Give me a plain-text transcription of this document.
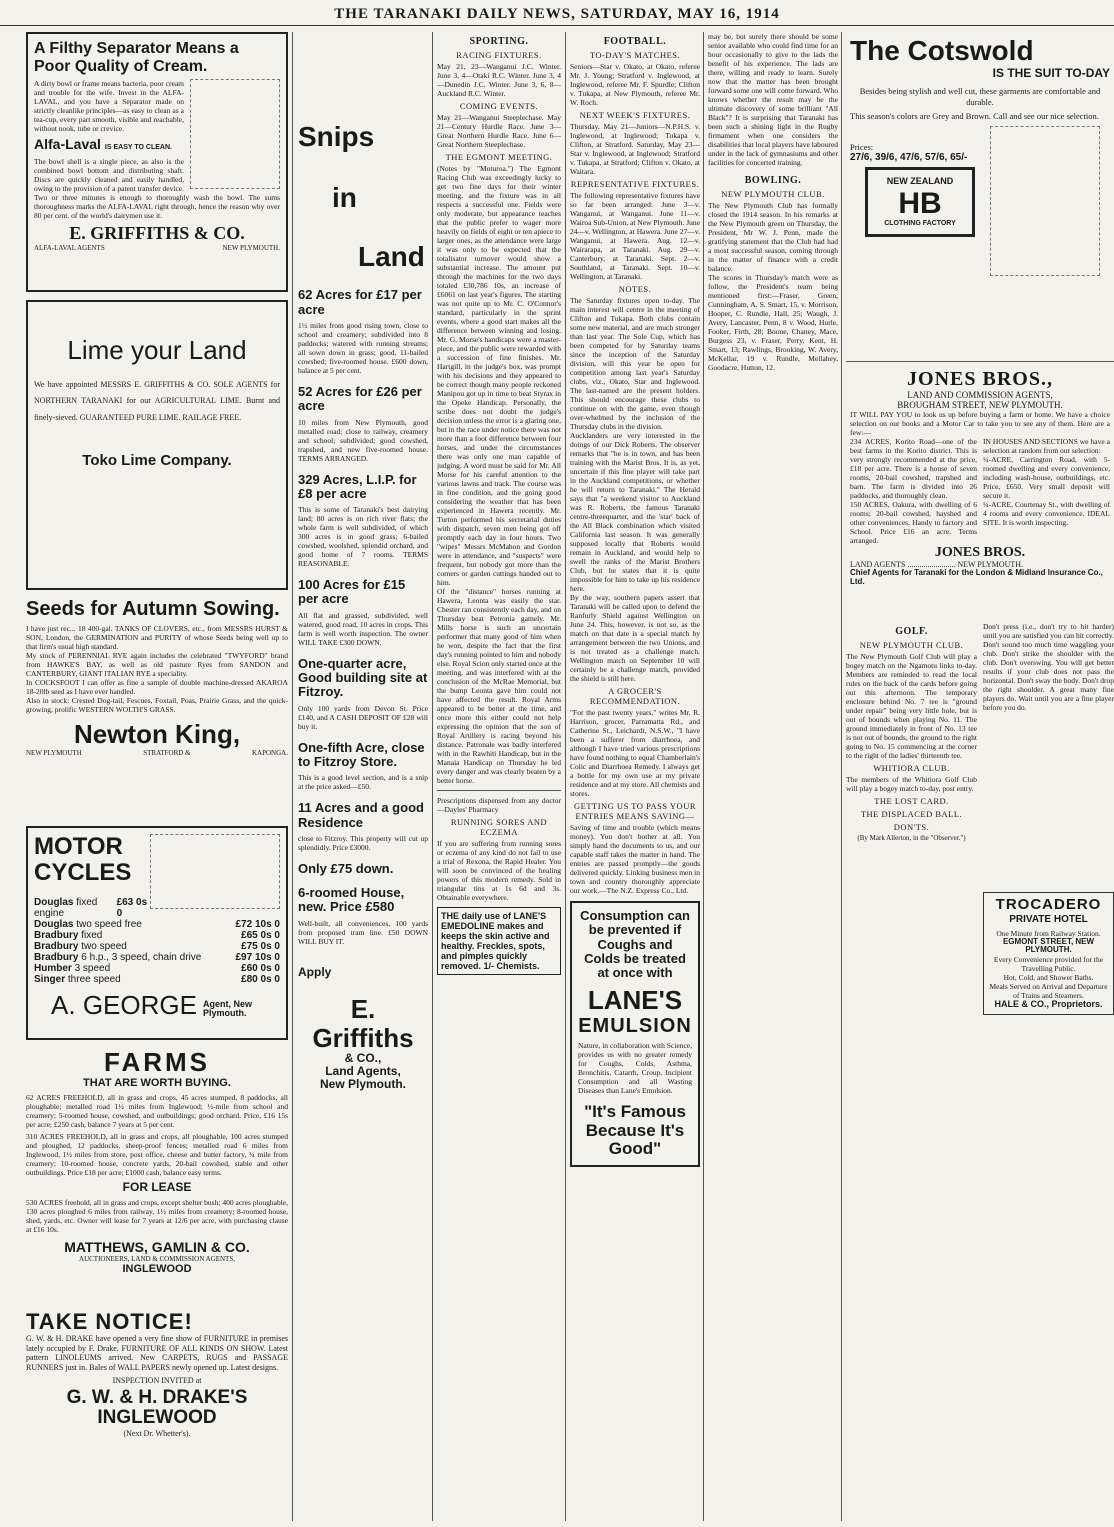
THE TARANAKI DAILY NEWS, SATURDAY, MAY 16, 1914
A Filthy Separator Means a
Poor Quality of Cream.
A dirty bowl or frame means bacteria, poor cream and trouble for the wife. Invest in the ALFA-LAVAL, and you have a Separator made on strictly cleanlike principles—as easy to clean as a tea-cup, every part smooth, visible and reachable, without nook, tube or crevice.
Alfa-Laval IS EASY TO CLEAN.
The bowl shell is a single piece, as also is the combined bowl bottom and distributing shaft. Discs are quickly cleaned and easily handled, owing to the provision of a patent transfer device. Two or three minutes is enough to thoroughly wash the bowl. The sums thoroughness marks the ALFA-LAVAL right through, hence the reason why over 80 per cent. of the world's dairymen use it.
E. GRIFFITHS & CO.
ALFA-LAVAL AGENTS	NEW PLYMOUTH.
Lime your Land
We have appointed MESSRS E. GRIFFITHS & CO. SOLE AGENTS for NORTHERN TARANAKI for our AGRICULTURAL LIME. Burnt and finely-sieved. GUARANTEED PURE LIME. RAILAGE FREE.
Toko Lime Company.
Seeds for Autumn Sowing.
I have just rec... 18 400-gal. TANKS OF CLOVERS, etc., from MESSRS HURST & SON, London, the GERMINATION and PURITY of whose Seeds being well up to that firm's usual high standard.
My stock of PERENNIAL RYE again includes the celebrated "TWYFORD" brand from HAWKE'S BAY, as well as old pasture Ryes from SANDON and CANTERBURY, GIANT ITALIAN RYE a speciality.
In COCKSFOOT I can offer as fine a sample of double machine-dressed AKAROA 18-20lb seed as I have ever handled.
Also in stock: Crested Dog-tail, Fescues, Foxtail, Poas, Prairie Grass, and the quick-growing, prolific WESTERN WOLTH'S GRASS.
Newton King,
NEW PLYMOUTH	STRATFORD &	KAPONGA.
MOTOR
CYCLES
Douglas fixed engine
£63 0s 0
Douglas two speed free	£72 10s 0
Bradbury fixed	£65 0s 0
Bradbury two speed	£75 0s 0
Bradbury 6 h.p., 3 speed, chain drive	£97 10s 0
Humber 3 speed	£60 0s 0
Singer three speed	£80 0s 0
A. GEORGE Agent, New Plymouth.
FARMS
THAT ARE WORTH BUYING.
62 ACRES FREEHOLD, all in grass and crops, 45 acres stumped, 8 paddocks, all ploughable; metalled road 1½ miles from Inglewood; ½-mile from school and creamery; 5-roomed house, cowshed, and outbuildings; good orchard. Price, £16 15s per acre; £250 cash, balance 7 years at 5 per cent.
310 ACRES FREEHOLD, all in grass and crops, all ploughable, 100 acres stumped and ploughed, 12 paddocks, sheep-proof fences; metalled road 6 miles from Inglewood, 1½ miles from store, post office, cheese and butter factory, ¾ mile from creamery; 10-roomed house, concrete yards, 20-bail cowshed, stable and other outbuildings. Price £18 per acre; £1000 cash, balance easy terms.
FOR LEASE
530 ACRES freehold, all in grass and crops, except shelter bush; 400 acres ploughable, 130 acres ploughed 6 miles from railway, 1½ miles from creamery; 8-roomed house, shed, yards, etc. Owner will lease for 7 years at 12/6 per acre, with purchasing clause at £16 10s.
MATTHEWS, GAMLIN & CO.
AUCTIONEERS, LAND & COMMISSION AGENTS,
INGLEWOOD
TAKE NOTICE!
G. W. & H. DRAKE have opened a very fine show of FURNITURE in premises lately occupied by F. Drake. FURNITURE OF ALL KINDS ON SHOW. Latest pattern LINOLEUMS arrived. New CARPETS, RUGS and PASSAGE RUNNERS just in. Bales of WALL PAPERS newly opened up. Latest designs.
INSPECTION INVITED at
G. W. & H. DRAKE'S
INGLEWOOD
(Next Dr. Whetter's).
Snips
in
Land
62 Acres for £17 per acre
1½ miles from good rising town, close to school and creamery; subdivided into 8 paddocks; watered with running streams; all sown down in grass; good, 11-bailed cowshed; five-roomed house. £600 down, balance at 5 per cent.
52 Acres for £26 per acre
10 miles from New Plymouth, good metalled road; close to railway, creamery and school; subdivided; good cowshed, trapshed, and new five-roomed house. TERMS ARRANGED.
329 Acres, L.I.P. for £8 per acre
This is some of Taranaki's best dairying land; 80 acres is on rich river flats; the whole farm is well subdivided, of which 300 acres is in good grass; 6-bailed cowshed, woolshed, splendid orchard, and good home of 7 rooms. TERMS REASONABLE.
100 Acres for £15 per acre
All flat and grassed, subdivided, well watered, good road, 10 acres in crops. This farm is well worth inspection. The owner WILL TAKE £300 DOWN.
One-quarter acre, Good building site at Fitzroy.
Only 100 yards from Devon St. Price £140, and A CASH DEPOSIT OF £28 will buy it.
One-fifth Acre, close to Fitzroy Store.
This is a good level section, and is a snip at the price asked—£50.
11 Acres and a good Residence
close to Fitzroy. This property will cut up splendidly. Price £3000.
Only £75 down.
6-roomed House, new. Price £580
Well-built, all conveniences, 100 yards from proposed tram line. £50 DOWN WILL BUY IT.
Apply
E. Griffiths
& CO.,
Land Agents,
New Plymouth.
SPORTING.
RACING FIXTURES.
May 21, 23—Wanganui J.C. Winter. June 3, 4—Otaki R.C. Winter. June 3, 4—Dunedin J.C. Winter. June 3, 6, 8—Auckland R.C. Winter.
COMING EVENTS.
May 21—Wanganui Steeplechase. May 21—Century Hurdle Race. June 3—Great Northern Hurdle Race. June 6—Great Northern Steeplechase.
THE EGMONT MEETING.
(Notes by "Moturoa.") The Egmont Racing Club was exceedingly lucky to get two fine days for their winter meeting, and the fixture was in all respects a successful one. Fields were only moderate, but appearance teaches that the public prefer to wager more heavily on fields of eight or ten apiece to larger ones, as the attendance were large it was only to be expected that the totalisator turnover would show a substantial increase. The amount put through the machines for the two days totaled £30,786 10s, an increase of £6061 on last year's figures. The starting was not quite up to Mr. C. O'Connor's standard, particularly in the sprint events, where a good start makes all the difference between winning and losing. Mr. G. Morse's handicaps were a master-piece, and the public were rewarded with a succession of fine finishes. Mr. Hartgill, in the judge's box, was prompt with his decisions and they appeared to be correct though many people reckoned Manipou got up in time to beat Styrax in the Opeke Handicap. Personally, the scribe does not doubt the judge's decision unless the error is a glaring one, but in the race under notice there was not more than a foot difference between four horses, and under the circumstances there was only one man capable of judging. A word must be said for Mr. All Morse for his careful attention to the various lawns and track. The course was in fine condition, and the going good considering the weather that has been experienced in Hawera recently. Mr. Turton performed his secretarial duties with dispatch, seven men being got off promptly each day in four hours. Two "wipes" Messrs McMahon and Gordon were in attendance, and "suspects" were frequent, but nobody got more than the corners or garden cuttings handed out to him.
Of the "distance" horses running at Hawera, Leonta was easily the star. Chester ran consistently each day, and on Thursday beat Petronia gamely. Mr. Mills horse is such an uncertain performer that many good of him when he won, despite the fact that the first day's running pointed to him and nobody else. Royal Scion only started once at the meeting, and was interfered with at the conclusion of the McRae Memorial, but the bump Leonta gave him could not have affected the result. Royal Arms appeared to be better at the time, and once more this either could not help expressing the opinion that the son of Royal Artillery is racing beyond his distance. Patronale was badly interfered with in the Rawhiti Handicap, but in the Manaia Handicap on Thursday he led every danger and was clearly beaten by a better horse.
Prescriptions dispensed from any doctor—Dayles' Pharmacy
RUNNING SORES AND ECZEMA
If you are suffering from running sores or eczema of any kind do not fail to use a trial of Rexona, the Rapid Healer. You will soon be convinced of the healing powers of this modern remedy. Sold in triangular tins at 1s 6d and 3s. Obtainable everywhere.
THE daily use of LANE'S EMEDOLINE makes and keeps the skin active and healthy. Freckles, spots, and pimples quickly removed. 1/- Chemists.
FOOTBALL.
TO-DAY'S MATCHES.
Seniors—Star v. Okato, at Okato, referee Mr. J. Young; Stratford v. Inglewood, at Inglewood, referee Mr. F. Spurdle; Clifton v. Tukapa, at New Plymouth, referee Mr. W. Roch.
NEXT WEEK'S FIXTURES.
Thursday, May 21—Juniors—N.P.H.S. v. Inglewood, at Inglewood; Tukapa v. Clifton, at Stratford. Saturday, May 23—Star v. Inglewood, at Inglewood; Stratford v. Tukapa, at Stratford; Clifton v. Okato, at Waitara.
REPRESENTATIVE FIXTURES.
The following representative fixtures have so far been arranged: June 3—v. Wanganui, at Wanganui. June 11—v. Wairoa Sub-Union, at New Plymouth. June 24—v. Wellington, at Hawera. June 27—v. Wanganui, at Hawera. Aug. 12—v. Wairarapa, at Taranaki. Aug. 29—v. Canterbury, at Taranaki. Sept. 2—v. Southland, at Taranaki. Sept. 10—v. Wellington, at Taranaki.
NOTES.
The Saturday fixtures open to-day. The main interest will centre in the meeting of Clifton and Tukapa. Both clubs contain some new material, and are much stronger than last year. The Sole Cup, which has been competed for by Saturday teams since the inception of the Saturday division, will this year be open for competition among last year's Saturday clubs, viz., Okato, Star and Inglewood. The last-named are the present holders. This should encourage these clubs to continue on with the game, even though over-whelmed by the inclusion of the Thursday clubs in the division.
Aucklanders are very interested in the doings of our Dick Roberts. The observer remarks that "he is in town, and has been training with the Marist Bros. It is, as yet, uncertain if this fine player will take part in the Auckland competitions, or whether he will return to Taranaki." The Herald says that "a weekend visitor to Auckland was R. Roberts, the famous Taranaki centre-threequarter, and the 'star' back of the All Black combination which visited California last season. It was generally supposed locally that Roberts would remain in Auckland, and would help to swell the ranks of the Marist Brothers Club, but he states that it is quite impossible for him to take up his residence here.
By the way, southern papers assert that Taranaki will be called upon to defend the Ranfurly Shield against Wellington on June 24. This, however, is not so, as the match on that date is a special match by arrangement between the two Unions, and is not treated as a challenge match. Wellington match on September 10 will certainly be a challenge match, provided the shield is still here.
A GROCER'S RECOMMENDATION.
"For the past twenty years," writes Mr. R. Harrison, grocer, Parramatta Rd., and Catherine St., Leichardt, N.S.W., "I have been a sufferer from diarrhoea, and although I have tried various prescriptions have found nothing to equal Chamberlain's Colic and Diarrhoea Remedy. I always get a bottle for my own use at my private residence and at my store. All chemists and stores.
GETTING US TO PASS YOUR ENTRIES MEANS SAVING—
Saving of time and trouble (which means money). You don't bother at all. You simply hand the documents to us, and our capable staff takes the matter in hand. The entries are passed promptly—the goods delivered quickly. Linking business men in town and country thoroughly appreciate our work.—The N.Z. Express Co., Ltd.
Consumption can be prevented if Coughs and Colds be treated at once with
LANE'S
EMULSION
Nature, in collaboration with Science, provides us with no greater remedy for Coughs, Colds, Asthma, Bronchitis, Catarrh, Croup, Incipient Consumption and all Wasting Diseases than Lane's Emulsion.
"It's Famous Because It's Good"
may be, but surely there should be some senior available who could find time for an hour occasionally to give to the lads the benefit of his experience. The lads are there, willing and ready to learn. Surely now that the matter has been brought forward some one will come forward. Who knows whether the result may be the ultimate discovery of some brilliant "All Black"? It is surprising that Taranaki has been such a shining light in the Rugby firmament when one considers the disabilities that local players have laboured under in the lack of gymnasiums and other facilities for concerted training.
BOWLING.
NEW PLYMOUTH CLUB.
The New Plymouth Club has formally closed the 1914 season. In his remarks at the New Plymouth green on Thursday, the President, Mr W. J. Penn, made the gratifying statement that the Club had had a most successful season, coming through in the matter of finance with a credit balance.
The scores in Thursday's match were as follow, the President's team being mentioned first:—Fraser, Green, Cunningham, A. S. Smart, 15, v. Morrison, Hooper, C. Rundle, Hall, 25; Waugh, J. Avery, Lancaster, Penn, 8 v. Wood, Hurle, Fooker, Firth, 28; Boone, Chaney, Mace, Burgess 23, v. Fraser, Perry, Kent, H. Smart, 13; Rawlings, Brooking, W. Avery, McKellar, 19 v. Rundle, Mellahey, Goodacre, Hutton, 12.
The Cotswold
IS THE SUIT TO-DAY
Besides being stylish and well cut, these garments are comfortable and durable.
This season's colors are Grey and Brown. Call and see our nice selection.
Prices:
27/6, 39/6, 47/6, 57/6, 65/-
NEW ZEALAND
HB
CLOTHING FACTORY
JONES BROS.,
LAND AND COMMISSION AGENTS,
BROUGHAM STREET, NEW PLYMOUTH.
IT WILL PAY YOU to look us up before buying a farm or home. We have a choice selection on our books and a Motor Car to take you to see any of them. Here are a few:—
234 ACRES, Korito Road—one of the best farms in the Korito district. This is very strongly recommended at the price, £18 per acre. There is a house of seven rooms, 20-bail cowshed, trapshed and barn. The farm is divided into 26 paddocks, and thoroughly clean.
150 ACRES, Oakura, with dwelling of 6 rooms; 20-bail cowshed, hayshed and other conveniences. Handy to factory and School. Price £16 an acre. Terms arranged.
IN HOUSES AND SECTIONS we have a selection at random from our selection:
¼-ACRE, Carrington Road, with 5-roomed dwelling and every convenience, including wash-house, outbuildings, etc. Price, £650. Very small deposit will secure it.
¼-ACRE, Courtenay St., with dwelling of 4 rooms and every convenience. IDEAL SITE. It is worth inspecting.
JONES BROS.
LAND AGENTS ........................ NEW PLYMOUTH.
Chief Agents for Taranaki for the London & Midland Insurance Co., Ltd.
GOLF.
NEW PLYMOUTH CLUB.
The New Plymouth Golf Club will play a bogey match on the Ngamotu links to-day. Members are reminded to read the local rules on the back of the cards before going out this afternoon. The temporary enclosure behind No. 7 tee is "ground under repair" being very little hole, but is out of bounds when playing No. 11. The ground immediately in front of No. 13 tee is not out of bounds, the ground to the right going to No. 15 commencing at the corner to the right of the ladies' thirteenth tee.
WHITIORA CLUB.
The members of the Whitiora Golf Club will play a bogey match to-day, post entry.
THE LOST CARD.
THE DISPLACED BALL.
DON'TS.
(By Mark Allerton, in the "Observer.")
Don't press (i.e., don't try to hit harder) until you are satisfied you can hit correctly. Don't sound too much time waggling your club. Don't strike the shoulder with the club. Don't overswing. You will get better results if your club does not pass the horizontal. Don't sway the body. Don't drop the right shoulder. A great many fine players do. Wait until you are a fine player before you do.
TROCADERO
PRIVATE HOTEL
One Minute from Railway Station.
EGMONT STREET, NEW PLYMOUTH.
Every Convenience provided for the Travelling Public.
Hot, Cold, and Shower Baths.
Meals Served on Arrival and Departure of Trains and Steamers.
HALE & CO., Proprietors.
